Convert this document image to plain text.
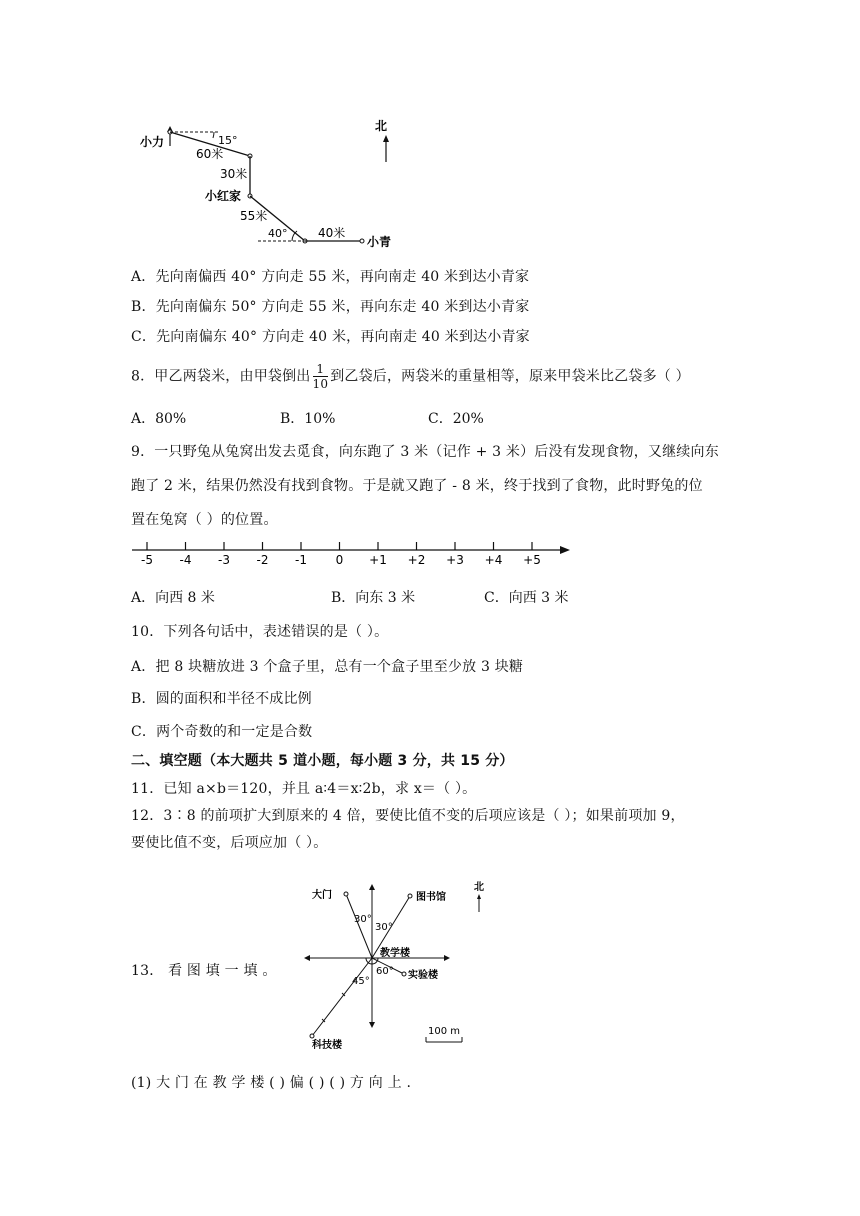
北
小力	15°
60米
30米
小红家
55米
40°	40米
小青
A．先向南偏西 40° 方向走 55 米，再向南走 40 米到达小青家
B．先向南偏东 50° 方向走 55 米，再向东走 40 米到达小青家
C．先向南偏东 40° 方向走 40 米，再向南走 40 米到达小青家
8．甲乙两袋米，由甲袋倒出 $\frac{1}{10}$ 到乙袋后，两袋米的重量相等，原来甲袋米比乙袋多（ ）
A．80%	B．10%	C．20%
9．一只野兔从兔窝出发去觅食，向东跑了 3 米（记作 + 3 米）后没有发现食物，又继续向东
跑了 2 米，结果仍然没有找到食物。于是就又跑了 - 8 米，终于找到了食物，此时野兔的位
置在兔窝（ ）的位置。
-5 -4 -3 -2 -1 0 +1 +2 +3 +4 +5
A．向西 8 米	B．向东 3 米	C．向西 3 米
10．下列各句话中，表述错误的是（ ）。
A．把 8 块糖放进 3 个盒子里，总有一个盒子里至少放 3 块糖
B．圆的面积和半径不成比例
C．两个奇数的和一定是合数
二、填空题（本大题共 5 道小题，每小题 3 分，共 15 分）
11．已知 a×b＝120，并且 a∶4＝x∶2b，求 x＝（ ）。
12．3∶8 的前项扩大到原来的 4 倍，要使比值不变的后项应该是（ ）；如果前项加 9，
要使比值不变，后项应加（ ）。
13． 看 图 填 一 填 。
大门	图书馆
北
30°
30°
教学楼
60° 实验楼
45°
科技楼
100 m
(1) 大 门 在 教 学 楼 ( ) 偏 ( ) ( ) 方 向 上 .
